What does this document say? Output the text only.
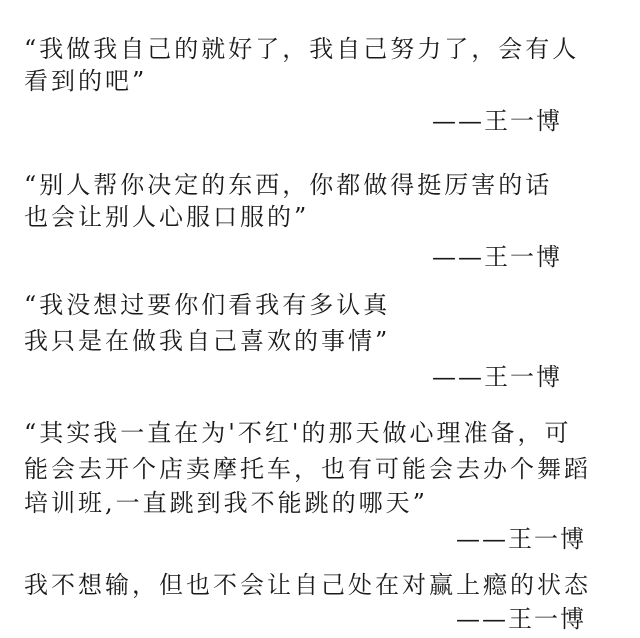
“我做我自己的就好了，我自己努力了，会有人
看到的吧”
——王一博
“别人帮你决定的东西，你都做得挺厉害的话
也会让别人心服口服的”
——王一博
“我没想过要你们看我有多认真
我只是在做我自己喜欢的事情”
——王一博
“其实我一直在为'不红'的那天做心理准备，可
能会去开个店卖摩托车，也有可能会去办个舞蹈
培训班,一直跳到我不能跳的哪天”
——王一博
我不想输，但也不会让自己处在对赢上瘾的状态
——王一博
